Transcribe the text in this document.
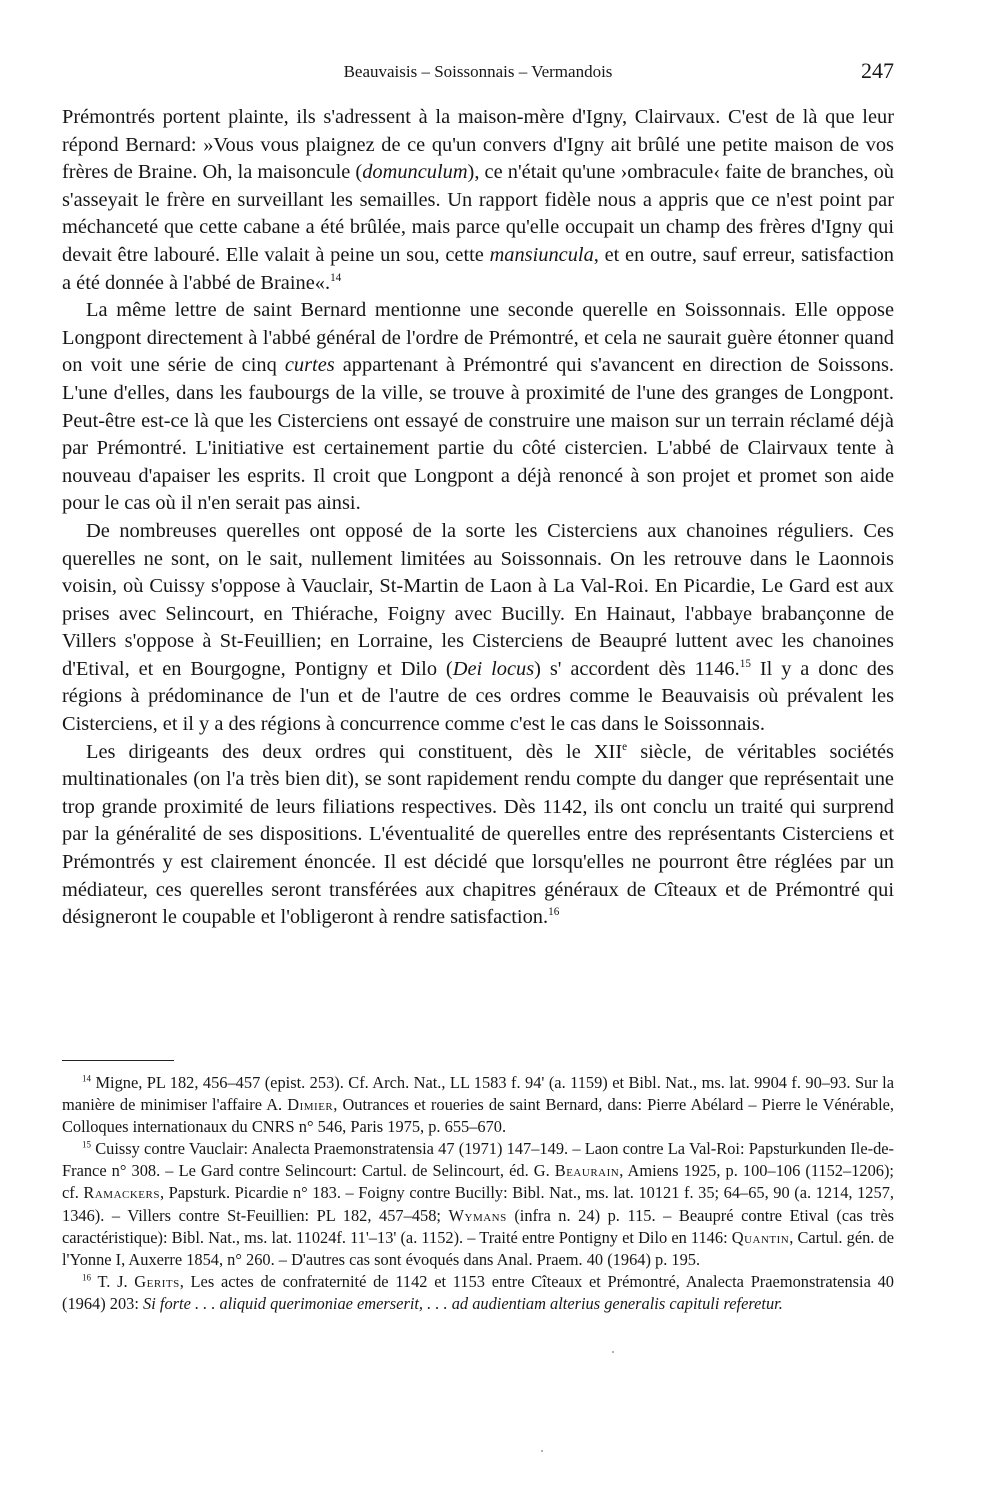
Beauvaisis – Soissonnais – Vermandois	247

Prémontrés portent plainte, ils s'adressent à la maison-mère d'Igny, Clairvaux. C'est de là que leur répond Bernard: »Vous vous plaignez de ce qu'un convers d'Igny ait brûlé une petite maison de vos frères de Braine. Oh, la maisoncule (domunculum), ce n'était qu'une ›ombracule‹ faite de branches, où s'asseyait le frère en surveillant les semailles. Un rapport fidèle nous a appris que ce n'est point par méchanceté que cette cabane a été brûlée, mais parce qu'elle occupait un champ des frères d'Igny qui devait être labouré. Elle valait à peine un sou, cette mansiuncula, et en outre, sauf erreur, satisfaction a été donnée à l'abbé de Braine«.$^{14}$

La même lettre de saint Bernard mentionne une seconde querelle en Soissonnais. Elle oppose Longpont directement à l'abbé général de l'ordre de Prémontré, et cela ne saurait guère étonner quand on voit une série de cinq curtes appartenant à Prémontré qui s'avancent en direction de Soissons. L'une d'elles, dans les faubourgs de la ville, se trouve à proximité de l'une des granges de Longpont. Peut-être est-ce là que les Cisterciens ont essayé de construire une maison sur un terrain réclamé déjà par Prémontré. L'initiative est certainement partie du côté cistercien. L'abbé de Clairvaux tente à nouveau d'apaiser les esprits. Il croit que Longpont a déjà renoncé à son projet et promet son aide pour le cas où il n'en serait pas ainsi.

De nombreuses querelles ont opposé de la sorte les Cisterciens aux chanoines réguliers. Ces querelles ne sont, on le sait, nullement limitées au Soissonnais. On les retrouve dans le Laonnois voisin, où Cuissy s'oppose à Vauclair, St-Martin de Laon à La Val-Roi. En Picardie, Le Gard est aux prises avec Selincourt, en Thiérache, Foigny avec Bucilly. En Hainaut, l'abbaye brabançonne de Villers s'oppose à St-Feuillien; en Lorraine, les Cisterciens de Beaupré luttent avec les chanoines d'Etival, et en Bourgogne, Pontigny et Dilo (Dei locus) s' accordent dès 1146.15 Il y a donc des régions à prédominance de l'un et de l'autre de ces ordres comme le Beauvaisis où prévalent les Cisterciens, et il y a des régions à concurrence comme c'est le cas dans le Soissonnais.

Les dirigeants des deux ordres qui constituent, dès le XIIe siècle, de véritables sociétés multinationales (on l'a très bien dit), se sont rapidement rendu compte du danger que représentait une trop grande proximité de leurs filiations respectives. Dès 1142, ils ont conclu un traité qui surprend par la généralité de ses dispositions. L'éventualité de querelles entre des représentants Cisterciens et Prémontrés y est clairement énoncée. Il est décidé que lorsqu'elles ne pourront être réglées par un médiateur, ces querelles seront transférées aux chapitres généraux de Cîteaux et de Prémontré qui désigneront le coupable et l'obligeront à rendre satisfaction.$^{16}$

$^{14}$ Migne, PL 182, 456–457 (epist. 253). Cf. Arch. Nat., LL 1583 f. 94' (a. 1159) et Bibl. Nat., ms. lat. 9904 f. 90–93. Sur la manière de minimiser l'affaire A. Dimier, Outrances et roueries de saint Bernard, dans: Pierre Abélard – Pierre le Vénérable, Colloques internationaux du CNRS n° 546, Paris 1975, p. 655–670.

$^{15}$ Cuissy contre Vauclair: Analecta Praemonstratensia 47 (1971) 147–149. – Laon contre La Val-Roi: Papsturkunden Ile-de-France n° 308. – Le Gard contre Selincourt: Cartul. de Selincourt, éd. G. Beaurain, Amiens 1925, p. 100–106 (1152–1206); cf. Ramackers, Papsturk. Picardie n° 183. – Foigny contre Bucilly: Bibl. Nat., ms. lat. 10121 f. 35; 64–65, 90 (a. 1214, 1257, 1346). – Villers contre St-Feuillien: PL 182, 457–458; Wymans (infra n. 24) p. 115. – Beaupré contre Etival (cas très caractéristique): Bibl. Nat., ms. lat. 11024f. 11'–13' (a. 1152). – Traité entre Pontigny et Dilo en 1146: Quantin, Cartul. gén. de l'Yonne I, Auxerre 1854, n° 260. – D'autres cas sont évoqués dans Anal. Praem. 40 (1964) p. 195.

$^{16}$ T. J. Gerits, Les actes de confraternité de 1142 et 1153 entre Cîteaux et Prémontré, Analecta Praemonstratensia 40 (1964) 203: Si forte . . . aliquid querimoniae emerserit, . . . ad audientiam alterius generalis capituli referetur.
